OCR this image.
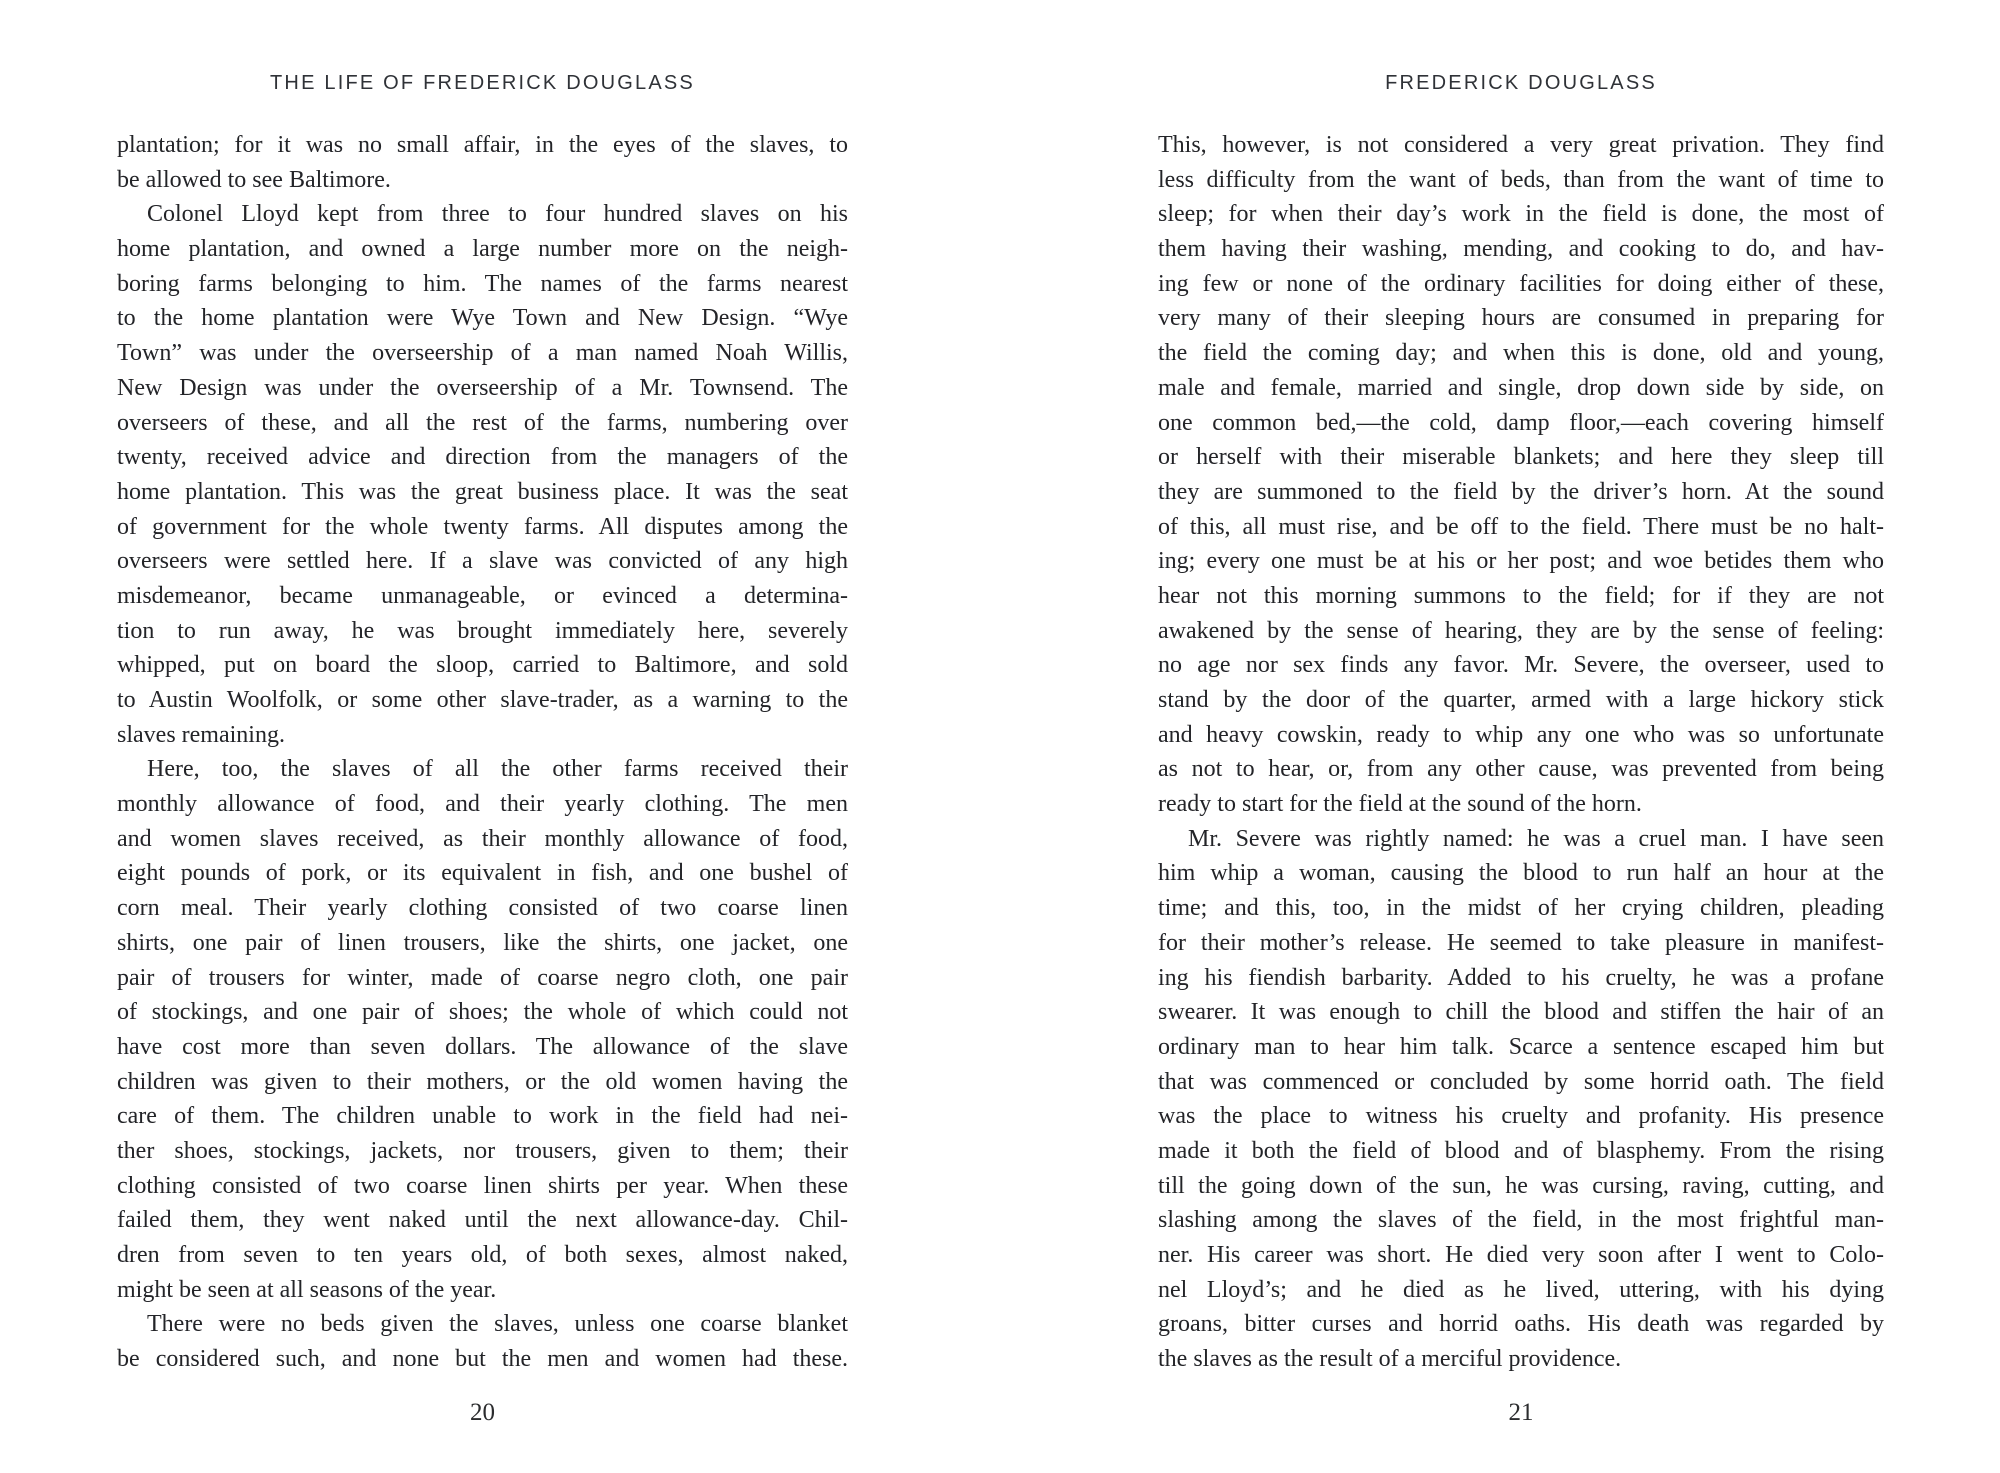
THE LIFE OF FREDERICK DOUGLASS
plantation; for it was no small affair, in the eyes of the slaves, to
be allowed to see Baltimore.
Colonel Lloyd kept from three to four hundred slaves on his
home plantation, and owned a large number more on the neigh-
boring farms belonging to him. The names of the farms nearest
to the home plantation were Wye Town and New Design. “Wye
Town” was under the overseership of a man named Noah Willis,
New Design was under the overseership of a Mr. Townsend. The
overseers of these, and all the rest of the farms, numbering over
twenty, received advice and direction from the managers of the
home plantation. This was the great business place. It was the seat
of government for the whole twenty farms. All disputes among the
overseers were settled here. If a slave was convicted of any high
misdemeanor, became unmanageable, or evinced a determina-
tion to run away, he was brought immediately here, severely
whipped, put on board the sloop, carried to Baltimore, and sold
to Austin Woolfolk, or some other slave-trader, as a warning to the
slaves remaining.
Here, too, the slaves of all the other farms received their
monthly allowance of food, and their yearly clothing. The men
and women slaves received, as their monthly allowance of food,
eight pounds of pork, or its equivalent in fish, and one bushel of
corn meal. Their yearly clothing consisted of two coarse linen
shirts, one pair of linen trousers, like the shirts, one jacket, one
pair of trousers for winter, made of coarse negro cloth, one pair
of stockings, and one pair of shoes; the whole of which could not
have cost more than seven dollars. The allowance of the slave
children was given to their mothers, or the old women having the
care of them. The children unable to work in the field had nei-
ther shoes, stockings, jackets, nor trousers, given to them; their
clothing consisted of two coarse linen shirts per year. When these
failed them, they went naked until the next allowance-day. Chil-
dren from seven to ten years old, of both sexes, almost naked,
might be seen at all seasons of the year.
There were no beds given the slaves, unless one coarse blanket
be considered such, and none but the men and women had these.
20
FREDERICK DOUGLASS
This, however, is not considered a very great privation. They find
less difficulty from the want of beds, than from the want of time to
sleep; for when their day’s work in the field is done, the most of
them having their washing, mending, and cooking to do, and hav-
ing few or none of the ordinary facilities for doing either of these,
very many of their sleeping hours are consumed in preparing for
the field the coming day; and when this is done, old and young,
male and female, married and single, drop down side by side, on
one common bed,—the cold, damp floor,—each covering himself
or herself with their miserable blankets; and here they sleep till
they are summoned to the field by the driver’s horn. At the sound
of this, all must rise, and be off to the field. There must be no halt-
ing; every one must be at his or her post; and woe betides them who
hear not this morning summons to the field; for if they are not
awakened by the sense of hearing, they are by the sense of feeling:
no age nor sex finds any favor. Mr. Severe, the overseer, used to
stand by the door of the quarter, armed with a large hickory stick
and heavy cowskin, ready to whip any one who was so unfortunate
as not to hear, or, from any other cause, was prevented from being
ready to start for the field at the sound of the horn.
Mr. Severe was rightly named: he was a cruel man. I have seen
him whip a woman, causing the blood to run half an hour at the
time; and this, too, in the midst of her crying children, pleading
for their mother’s release. He seemed to take pleasure in manifest-
ing his fiendish barbarity. Added to his cruelty, he was a profane
swearer. It was enough to chill the blood and stiffen the hair of an
ordinary man to hear him talk. Scarce a sentence escaped him but
that was commenced or concluded by some horrid oath. The field
was the place to witness his cruelty and profanity. His presence
made it both the field of blood and of blasphemy. From the rising
till the going down of the sun, he was cursing, raving, cutting, and
slashing among the slaves of the field, in the most frightful man-
ner. His career was short. He died very soon after I went to Colo-
nel Lloyd’s; and he died as he lived, uttering, with his dying
groans, bitter curses and horrid oaths. His death was regarded by
the slaves as the result of a merciful providence.
21
